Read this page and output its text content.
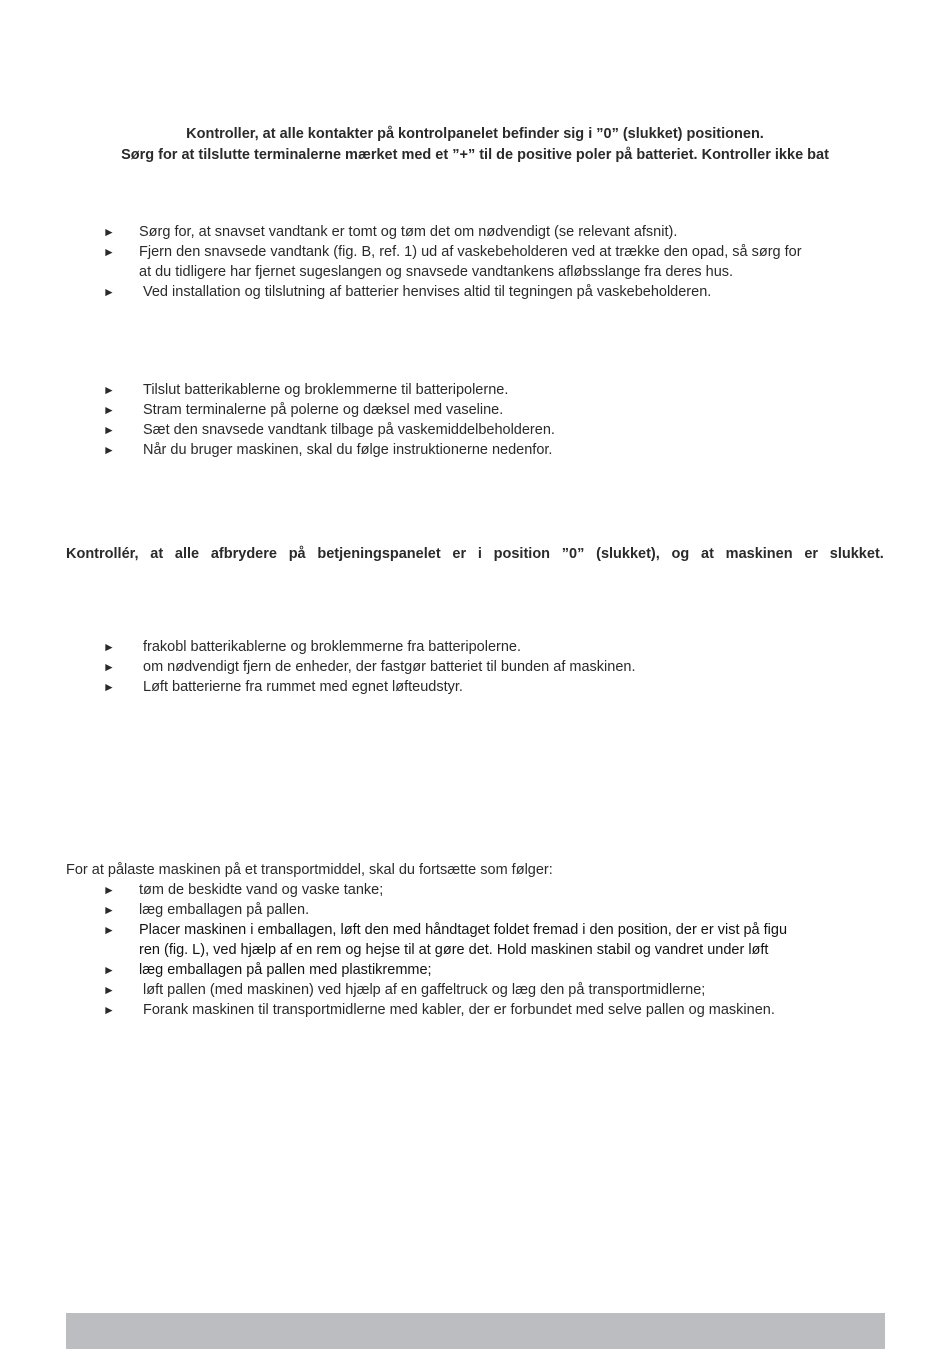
Kontroller, at alle kontakter på kontrolpanelet befinder sig i ”0” (slukket) positionen.
Sørg for at tilslutte terminalerne mærket med et ”+” til de positive poler på batteriet. Kontroller ikke bat
► Sørg for, at snavset vandtank er tomt og tøm det om nødvendigt (se relevant afsnit).
► Fjern den snavsede vandtank (fig. B, ref. 1) ud af vaskebeholderen ved at trække den opad, så sørg for
at du tidligere har fjernet sugeslangen og snavsede vandtankens afløbsslange fra deres hus.
► Ved installation og tilslutning af batterier henvises altid til tegningen på vaskebeholderen.
► Tilslut batterikablerne og broklemmerne til batteripolerne.
► Stram terminalerne på polerne og dæksel med vaseline.
► Sæt den snavsede vandtank tilbage på vaskemiddelbeholderen.
► Når du bruger maskinen, skal du følge instruktionerne nedenfor.
Kontrollér, at alle afbrydere på betjeningspanelet er i position ”0” (slukket), og at maskinen er slukket.
► frakobl batterikablerne og broklemmerne fra batteripolerne.
► om nødvendigt fjern de enheder, der fastgør batteriet til bunden af maskinen.
► Løft batterierne fra rummet med egnet løfteudstyr.
For at pålaste maskinen på et transportmiddel, skal du fortsætte som følger:
► tøm de beskidte vand og vaske tanke;
► læg emballagen på pallen.
► Placer maskinen i emballagen, løft den med håndtaget foldet fremad i den position, der er vist på figu
ren (fig. L), ved hjælp af en rem og hejse til at gøre det. Hold maskinen stabil og vandret under løft
► læg emballagen på pallen med plastikremme;
► løft pallen (med maskinen) ved hjælp af en gaffeltruck og læg den på transportmidlerne;
► Forank maskinen til transportmidlerne med kabler, der er forbundet med selve pallen og maskinen.
